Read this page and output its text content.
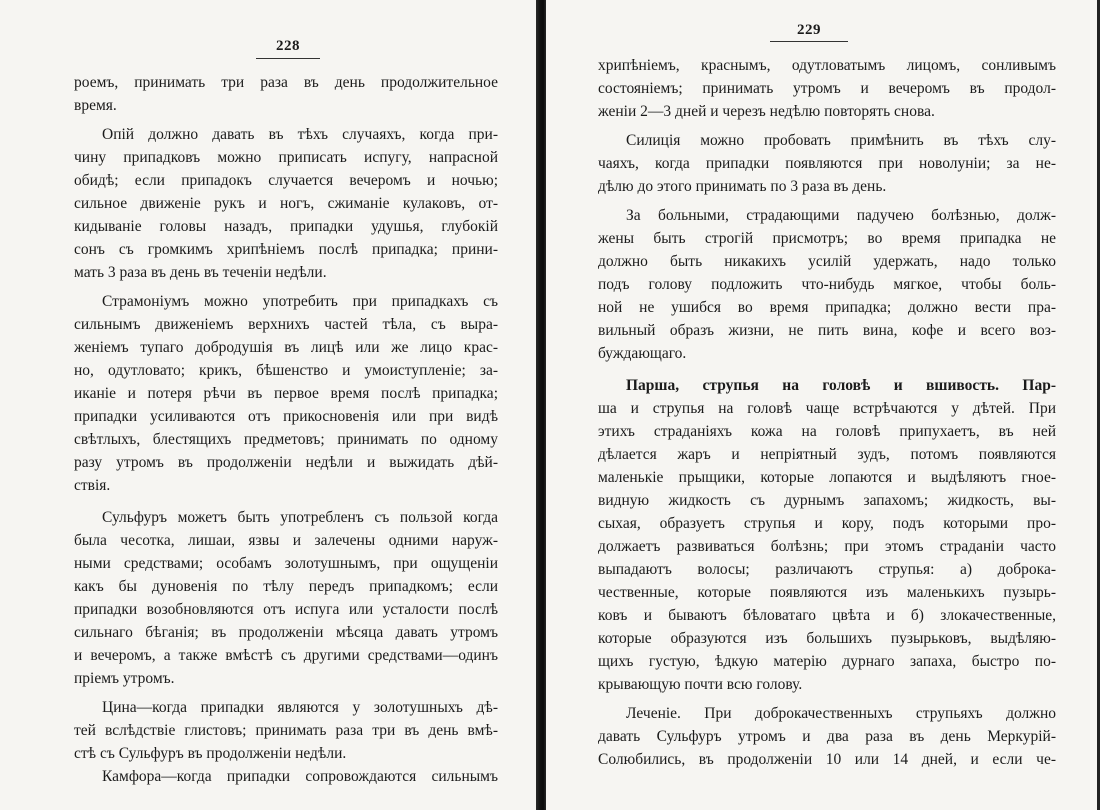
228
роемъ, принимать три раза въ день продолжительное
время.
Опій должно давать въ тѣхъ случаяхъ, когда при-
чину припадковъ можно приписать испугу, напрасной
обидѣ; если припадокъ случается вечеромъ и ночью;
сильное движеніе рукъ и ногъ, сжиманіе кулаковъ, от-
кидываніе головы назадъ, припадки удушья, глубокій
сонъ съ громкимъ хрипѣніемъ послѣ припадка; прини-
мать 3 раза въ день въ теченіи недѣли.
Страмоніумъ можно употребить при припадкахъ съ
сильнымъ движеніемъ верхнихъ частей тѣла, съ выра-
женіемъ тупаго добродушія въ лицѣ или же лицо крас-
но, одутловато; крикъ, бѣшенство и умоиступленіе; за-
иканіе и потеря рѣчи въ первое время послѣ припадка;
припадки усиливаются отъ прикосновенія или при видѣ
свѣтлыхъ, блестящихъ предметовъ; принимать по одному
разу утромъ въ продолженіи недѣли и выжидать дѣй-
ствія.
Сульфуръ можетъ быть употребленъ съ пользой когда
была чесотка, лишаи, язвы и залечены одними наруж-
ными средствами; особамъ золотушнымъ, при ощущеніи
какъ бы дуновенія по тѣлу передъ припадкомъ; если
припадки возобновляются отъ испуга или усталости послѣ
сильнаго бѣганія; въ продолженіи мѣсяца давать утромъ
и вечеромъ, а также вмѣстѣ съ другими средствами—одинъ
пріемъ утромъ.
Цина—когда припадки являются у золотушныхъ дѣ-
тей вслѣдствіе глистовъ; принимать раза три въ день вмѣ-
стѣ съ Сульфуръ въ продолженіи недѣли.
Камфора—когда припадки сопровождаются сильнымъ
229
хрипѣніемъ, краснымъ, одутловатымъ лицомъ, сонливымъ
состояніемъ; принимать утромъ и вечеромъ въ продол-
женіи 2—3 дней и черезъ недѣлю повторять снова.
Силиція можно пробовать примѣнить въ тѣхъ слу-
чаяхъ, когда припадки появляются при новолуніи; за не-
дѣлю до этого принимать по 3 раза въ день.
За больными, страдающими падучею болѣзнью, долж-
жены быть строгій присмотръ; во время припадка не
должно быть никакихъ усилій удержать, надо только
подъ голову подложить что-нибудь мягкое, чтобы боль-
ной не ушибся во время припадка; должно вести пра-
вильный образъ жизни, не пить вина, кофе и всего воз-
буждающаго.
Парша, струпья на головѣ и вшивость. Пар-
ша и струпья на головѣ чаще встрѣчаются у дѣтей. При
этихъ страданіяхъ кожа на головѣ припухаетъ, въ ней
дѣлается жаръ и непріятный зудъ, потомъ появляются
маленькіе прыщики, которые лопаются и выдѣляютъ гное-
видную жидкость съ дурнымъ запахомъ; жидкость, вы-
сыхая, образуетъ струпья и кору, подъ которыми про-
должаетъ развиваться болѣзнь; при этомъ страданіи часто
выпадаютъ волосы; различаютъ струпья: а) доброка-
чественные, которые появляются изъ маленькихъ пузырь-
ковъ и бываютъ бѣловатаго цвѣта и б) злокачественные,
которые образуются изъ большихъ пузырьковъ, выдѣляю-
щихъ густую, ѣдкую матерію дурнаго запаха, быстро по-
крывающую почти всю голову.
Леченіе. При доброкачественныхъ струпьяхъ должно
давать Сульфуръ утромъ и два раза въ день Меркурій-
Солюбились, въ продолженіи 10 или 14 дней, и если че-
